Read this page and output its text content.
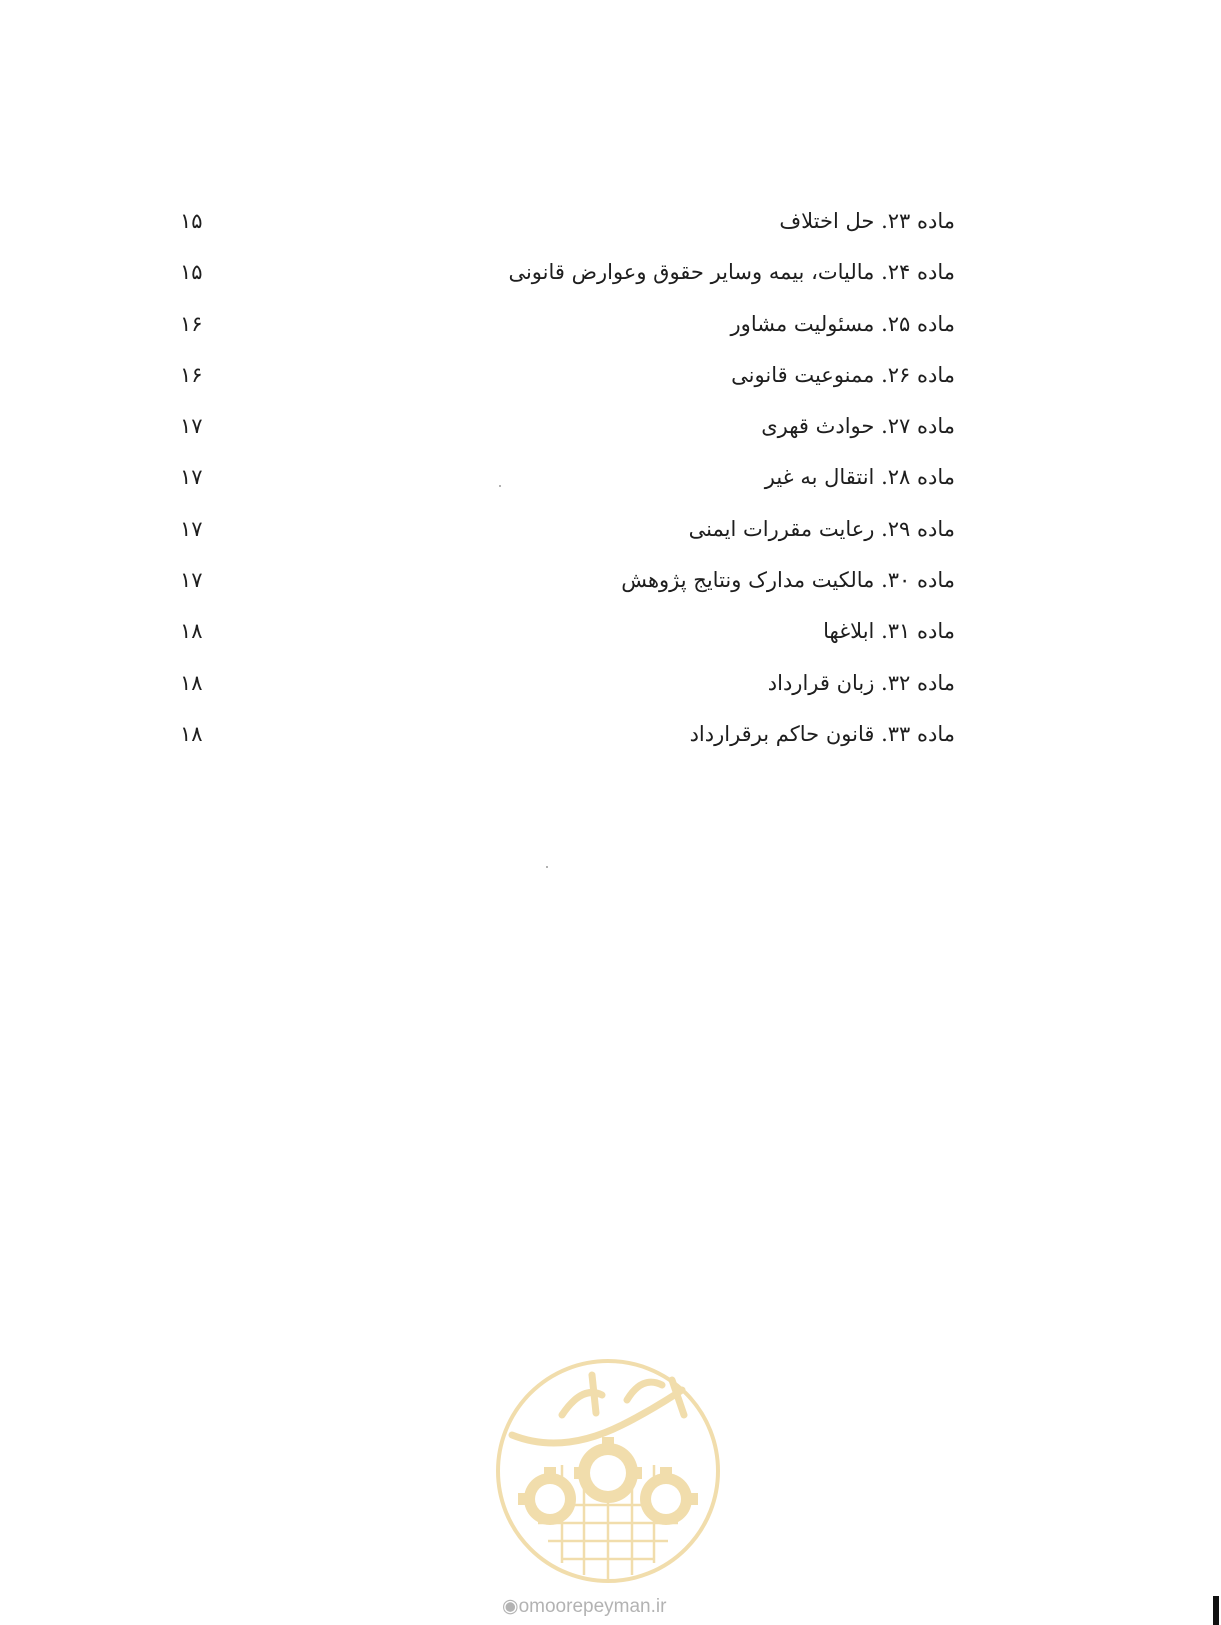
ماده ۲۳. حل اختلاف
۱۵
ماده ۲۴. مالیات، بیمه وسایر حقوق وعوارض قانونی
۱۵
ماده ۲۵. مسئولیت مشاور
۱۶
ماده ۲۶. ممنوعیت قانونی
۱۶
ماده ۲۷. حوادث قهری
۱۷
ماده ۲۸. انتقال به غیر
۱۷
ماده ۲۹. رعایت مقررات ایمنی
۱۷
ماده ۳۰. مالکیت مدارک ونتایج پژوهش
۱۷
ماده ۳۱. ابلاغها
۱۸
ماده ۳۲. زبان قرارداد
۱۸
ماده ۳۳. قانون حاکم برقرارداد
۱۸
◉omoorepeyman.ir
